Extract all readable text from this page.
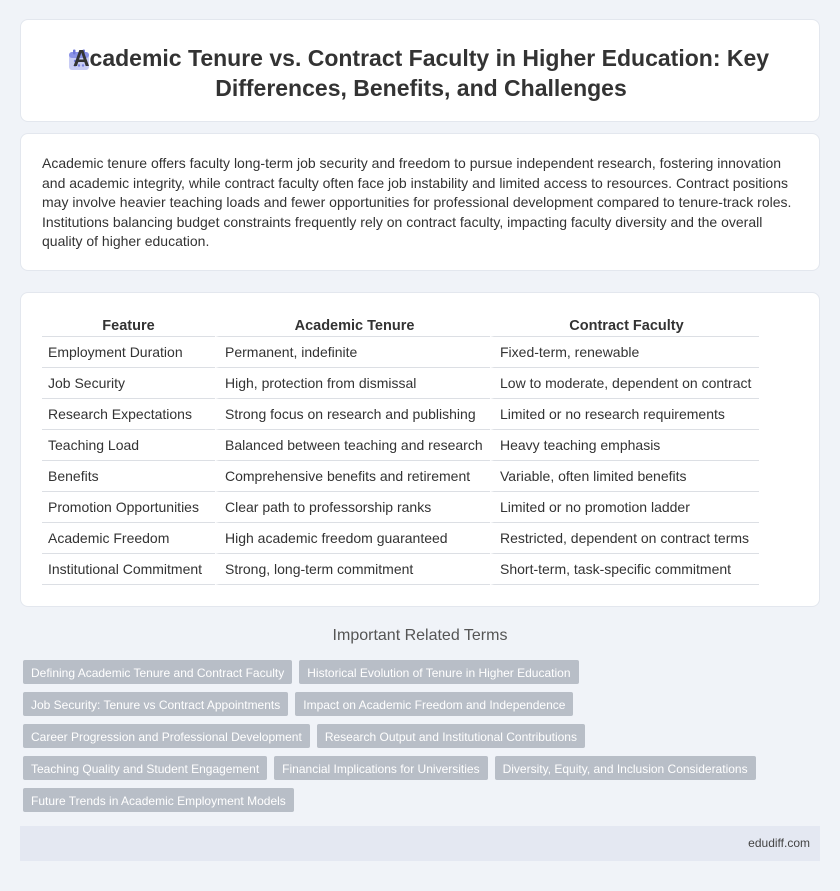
Academic Tenure vs. Contract Faculty in Higher Education: Key Differences, Benefits, and Challenges

Academic tenure offers faculty long-term job security and freedom to pursue independent research, fostering innovation and academic integrity, while contract faculty often face job instability and limited access to resources. Contract positions may involve heavier teaching loads and fewer opportunities for professional development compared to tenure-track roles. Institutions balancing budget constraints frequently rely on contract faculty, impacting faculty diversity and the overall quality of higher education.

Feature	Academic Tenure	Contract Faculty
Employment Duration	Permanent, indefinite	Fixed-term, renewable
Job Security	High, protection from dismissal	Low to moderate, dependent on contract
Research Expectations	Strong focus on research and publishing	Limited or no research requirements
Teaching Load	Balanced between teaching and research	Heavy teaching emphasis
Benefits	Comprehensive benefits and retirement	Variable, often limited benefits
Promotion Opportunities	Clear path to professorship ranks	Limited or no promotion ladder
Academic Freedom	High academic freedom guaranteed	Restricted, dependent on contract terms
Institutional Commitment	Strong, long-term commitment	Short-term, task-specific commitment
Important Related Terms
Defining Academic Tenure and Contract Faculty	Historical Evolution of Tenure in Higher Education
Job Security: Tenure vs Contract Appointments	Impact on Academic Freedom and Independence
Career Progression and Professional Development	Research Output and Institutional Contributions
Teaching Quality and Student Engagement	Financial Implications for Universities	Diversity, Equity, and Inclusion Considerations
Future Trends in Academic Employment Models
edudiff.com
